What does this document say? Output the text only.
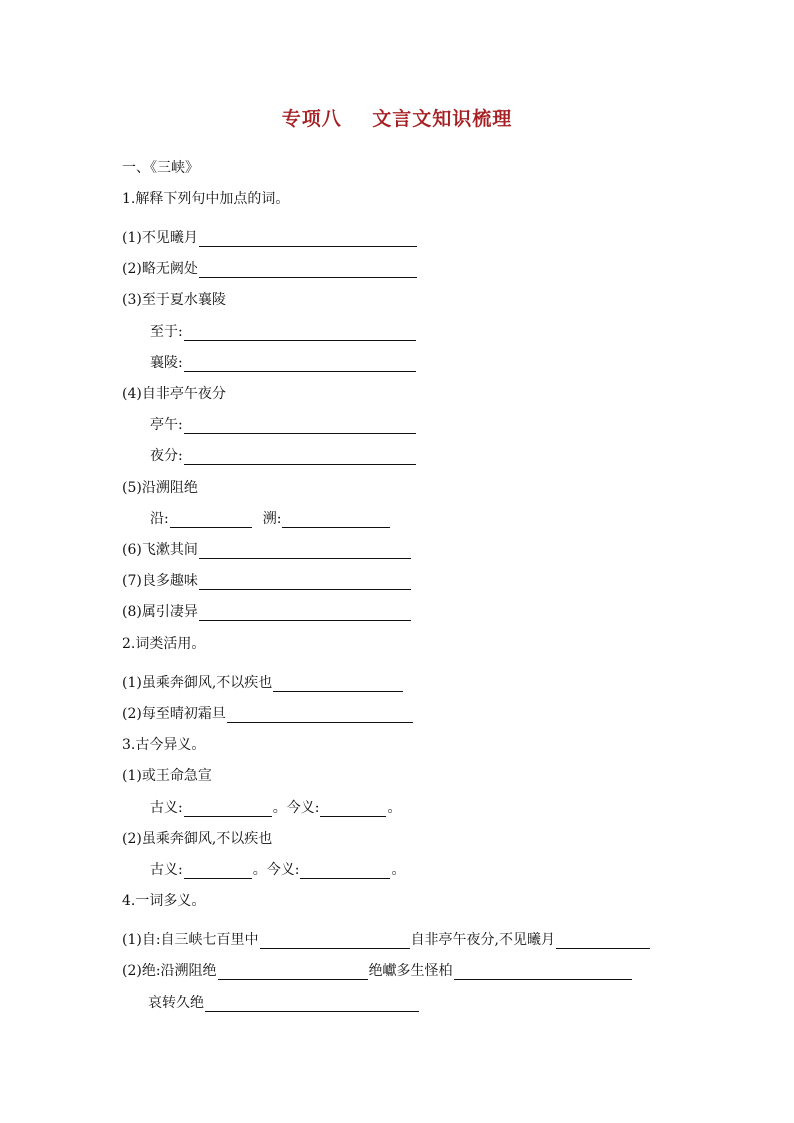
专项八    文言文知识梳理
一、《三峡》
1.解释下列句中加点的词。
(1)不见曦月
(2)略无阙处
(3)至于夏水襄陵
至于:
襄陵:
(4)自非亭午夜分
亭午:
夜分:
(5)沿溯阻绝
沿:	溯:
(6)飞漱其间
(7)良多趣味
(8)属引凄异
2.词类活用。
(1)虽乘奔御风,不以疾也
(2)每至晴初霜旦
3.古今异义。
(1)或王命急宣
古义:	。今义:	。
(2)虽乘奔御风,不以疾也
古义:	。今义:	。
4.一词多义。
(1)自:自三峡七百里中	自非亭午夜分,不见曦月
(2)绝:沿溯阻绝	绝巘多生怪柏
哀转久绝
